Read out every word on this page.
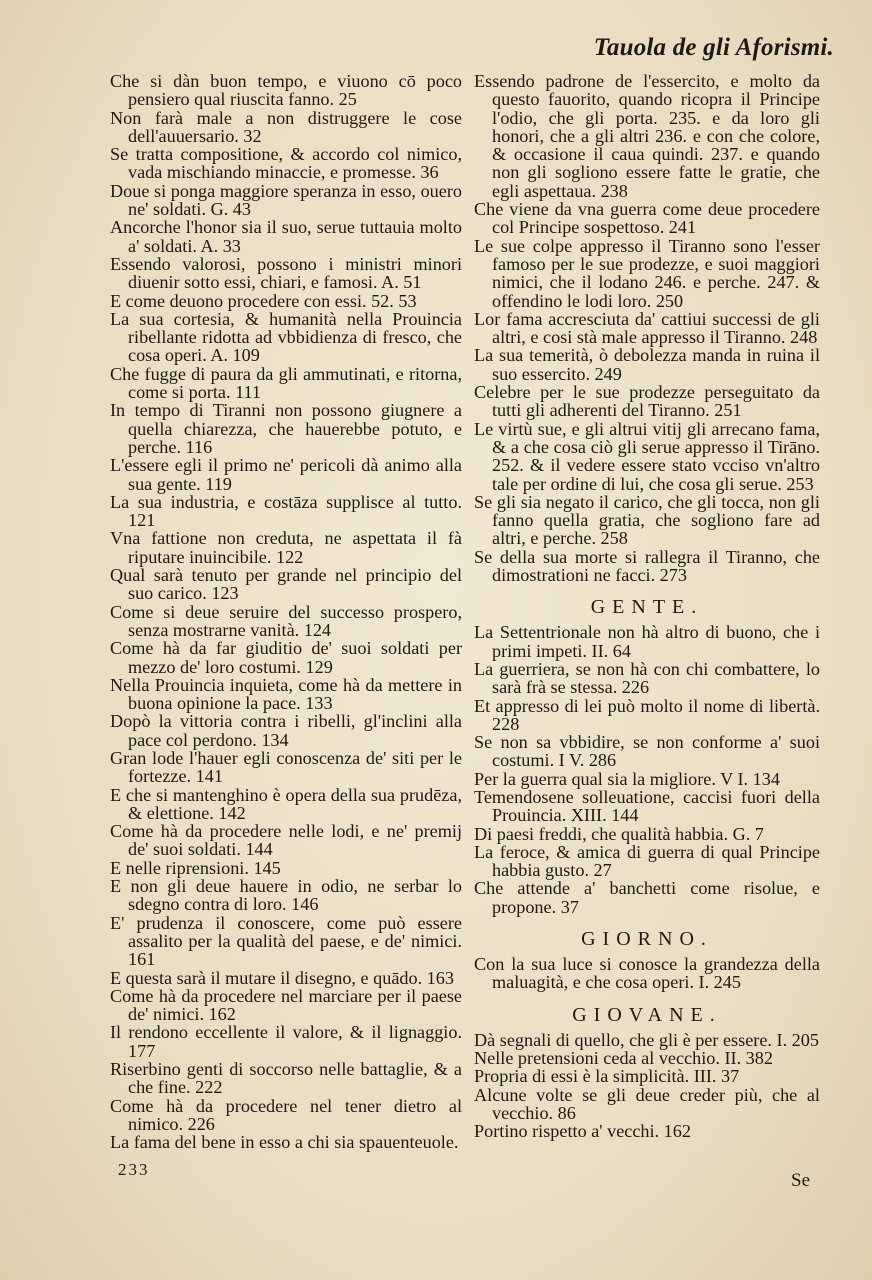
Tauola de gli Aforismi.

Che si dàn buon tempo, e viuono cō poco pensiero qual riuscita fanno. 25

Non farà male a non distruggere le cose dell'auuersario. 32

Se tratta compositione, & accordo col nimico, vada mischiando minaccie, e promesse. 36

Doue si ponga maggiore speranza in esso, ouero ne' soldati. G. 43

Ancorche l'honor sia il suo, serue tuttauia molto a' soldati. A. 33

Essendo valorosi, possono i ministri minori diuenir sotto essi, chiari, e famosi. A. 51

E come deuono procedere con essi. 52. 53

La sua cortesia, & humanità nella Prouincia ribellante ridotta ad vbbidienza di fresco, che cosa operi. A. 109

Che fugge di paura da gli ammutinati, e ritorna, come si porta. 111

In tempo di Tiranni non possono giugnere a quella chiarezza, che hauerebbe potuto, e perche. 116

L'essere egli il primo ne' pericoli dà animo alla sua gente. 119

La sua industria, e costāza supplisce al tutto. 121

Vna fattione non creduta, ne aspettata il fà riputare inuincibile. 122

Qual sarà tenuto per grande nel principio del suo carico. 123

Come si deue seruire del successo prospero, senza mostrarne vanità. 124

Come hà da far giuditio de' suoi soldati per mezzo de' loro costumi. 129

Nella Prouincia inquieta, come hà da mettere in buona opinione la pace. 133

Dopò la vittoria contra i ribelli, gl'inclini alla pace col perdono. 134

Gran lode l'hauer egli conoscenza de' siti per le fortezze. 141

E che si mantenghino è opera della sua prudēza, & elettione. 142

Come hà da procedere nelle lodi, e ne' premij de' suoi soldati. 144

E nelle riprensioni. 145

E non gli deue hauere in odio, ne serbar lo sdegno contra di loro. 146

E' prudenza il conoscere, come può essere assalito per la qualità del paese, e de' nimici. 161

E questa sarà il mutare il disegno, e quādo. 163

Come hà da procedere nel marciare per il paese de' nimici. 162

Il rendono eccellente il valore, & il lignaggio. 177

Riserbino genti di soccorso nelle battaglie, & a che fine. 222

Come hà da procedere nel tener dietro al nimico. 226

La fama del bene in esso a chi sia spauenteuole.

Essendo padrone de l'essercito, e molto da questo fauorito, quando ricopra il Principe l'odio, che gli porta. 235. e da loro gli honori, che a gli altri 236. e con che colore, & occasione il caua quindi. 237. e quando non gli sogliono essere fatte le gratie, che egli aspettaua. 238

Che viene da vna guerra come deue procedere col Principe sospettoso. 241

Le sue colpe appresso il Tiranno sono l'esser famoso per le sue prodezze, e suoi maggiori nimici, che il lodano 246. e perche. 247. & offendino le lodi loro. 250

Lor fama accresciuta da' cattiui successi de gli altri, e cosi stà male appresso il Tiranno. 248

La sua temerità, ò debolezza manda in ruina il suo essercito. 249

Celebre per le sue prodezze perseguitato da tutti gli adherenti del Tiranno. 251

Le virtù sue, e gli altrui vitij gli arrecano fama, & a che cosa ciò gli serue appresso il Tirāno. 252. & il vedere essere stato vcciso vn'altro tale per ordine di lui, che cosa gli serue. 253

Se gli sia negato il carico, che gli tocca, non gli fanno quella gratia, che sogliono fare ad altri, e perche. 258

Se della sua morte si rallegra il Tiranno, che dimostrationi ne facci. 273

GENTE.

La Settentrionale non hà altro di buono, che i primi impeti. II. 64

La guerriera, se non hà con chi combattere, lo sarà frà se stessa. 226

Et appresso di lei può molto il nome di libertà. 228

Se non sa vbbidire, se non conforme a' suoi costumi. I V. 286

Per la guerra qual sia la migliore. V I. 134

Temendosene solleuatione, caccisi fuori della Prouincia. XIII. 144

Di paesi freddi, che qualità habbia. G. 7

La feroce, & amica di guerra di qual Principe habbia gusto. 27

Che attende a' banchetti come risolue, e propone. 37

GIORNO.

Con la sua luce si conosce la grandezza della maluagità, e che cosa operi. I. 245

GIOVANE.

Dà segnali di quello, che gli è per essere. I. 205

Nelle pretensioni ceda al vecchio. II. 382

Propria di essi è la simplicità. III. 37

Alcune volte se gli deue creder più, che al vecchio. 86

Portino rispetto a' vecchi. 162

233
Se
